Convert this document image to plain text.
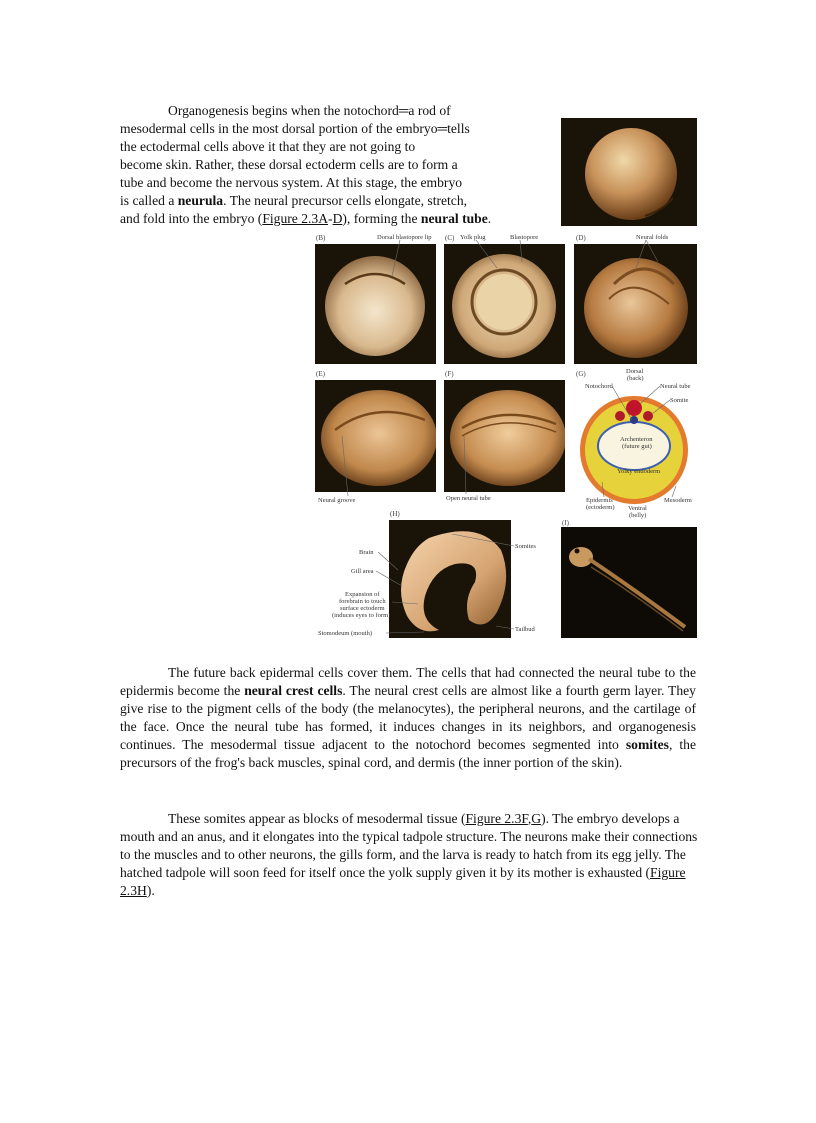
Organogenesis begins when the notochord═a rod of
mesodermal cells in the most dorsal portion of the embryo═tells
the ectodermal cells above it that they are not going to
become skin. Rather, these dorsal ectoderm cells are to form a
tube and become the nervous system. At this stage, the embryo
is called a neurula. The neural precursor cells elongate, stretch,
and fold into the embryo (Figure 2.3A-D), forming the neural tube.
(B)	Dorsal blastopore lip (C) Yolk plug	Blastopore	(D)	Neural folds
(E)	(F)	(G)	Dorsal
(back)
Notochord	Neural tube
Somite
Archenteron
(future gut)
Yolky endoderm
Neural groove	Open neural tube	Epidermis
(ectoderm) Ventral
(belly)
Mesoderm
(H)
(I)
Somites
Tailbud
Brain
Gill area
Expansion of
forebrain to touch
surface ectoderm
(induces eyes to form)
Stomodeum (mouth)
The future back epidermal cells cover them. The cells that had connected the neural tube to the epidermis become the neural crest cells. The neural crest cells are almost like a fourth germ layer. They give rise to the pigment cells of the body (the melanocytes), the peripheral neurons, and the cartilage of the face. Once the neural tube has formed, it induces changes in its neighbors, and organogenesis continues. The mesodermal tissue adjacent to the notochord becomes segmented into somites, the precursors of the frog's back muscles, spinal cord, and dermis (the inner portion of the skin).
These somites appear as blocks of mesodermal tissue (Figure 2.3F,G). The embryo develops a mouth and an anus, and it elongates into the typical tadpole structure. The neurons make their connections to the muscles and to other neurons, the gills form, and the larva is ready to hatch from its egg jelly. The hatched tadpole will soon feed for itself once the yolk supply given it by its mother is exhausted (Figure 2.3H).
